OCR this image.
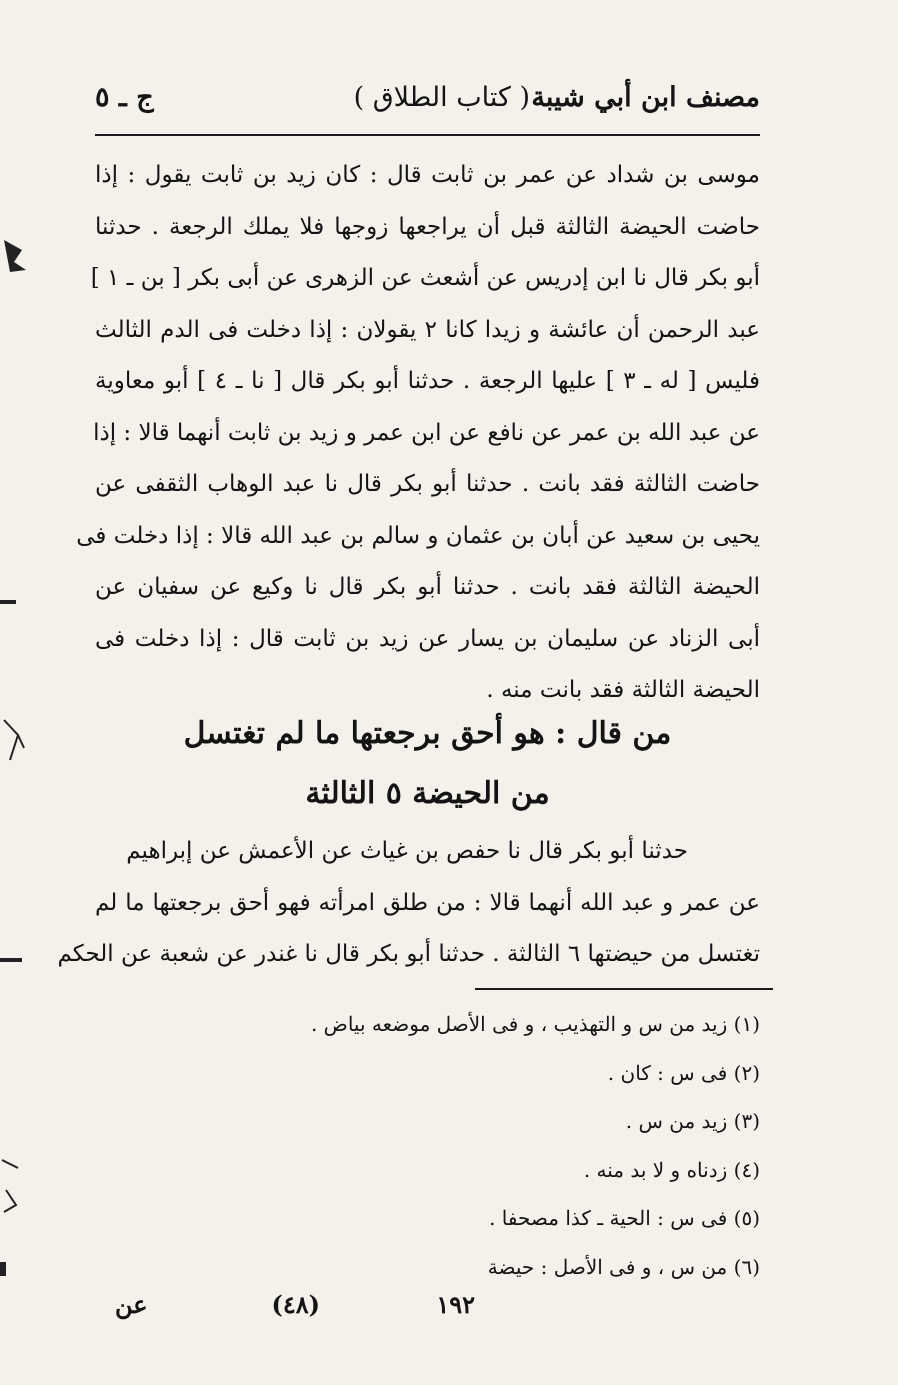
مصنف ابن أبي شيبة
( كتاب الطلاق )
ج ـ ٥
موسى بن شداد عن عمر بن ثابت قال : كان زيد بن ثابت يقول : إذا
حاضت الحيضة الثالثة قبل أن يراجعها زوجها فلا يملك الرجعة . حدثنا
أبو بكر قال نا ابن إدريس عن أشعث عن الزهرى عن أبى بكر [ بن ـ ١ ]
عبد الرحمن أن عائشة و زيدا كانا ٢ يقولان : إذا دخلت فى الدم الثالث
فليس [ له ـ ٣ ] عليها الرجعة . حدثنا أبو بكر قال [ نا ـ ٤ ] أبو معاوية
عن عبد الله بن عمر عن نافع عن ابن عمر و زيد بن ثابت أنهما قالا : إذا
حاضت الثالثة فقد بانت . حدثنا أبو بكر قال نا عبد الوهاب الثقفى عن
يحيى بن سعيد عن أبان بن عثمان و سالم بن عبد الله قالا : إذا دخلت فى
الحيضة الثالثة فقد بانت . حدثنا أبو بكر قال نا وكيع عن سفيان عن
أبى الزناد عن سليمان بن يسار عن زيد بن ثابت قال : إذا دخلت فى
الحيضة الثالثة فقد بانت منه .
من قال : هو أحق برجعتها ما لم تغتسل
من الحيضة ٥ الثالثة
حدثنا أبو بكر قال نا حفص بن غياث عن الأعمش عن إبراهيم
عن عمر و عبد الله أنهما قالا : من طلق امرأته فهو أحق برجعتها ما لم
تغتسل من حيضتها ٦ الثالثة . حدثنا أبو بكر قال نا غندر عن شعبة عن الحكم
(١) زيد من س و التهذيب ، و فى الأصل موضعه بياض .
(٢) فى س : كان .
(٣) زيد من س .
(٤) زدناه و لا بد منه .
(٥) فى س : الحية ـ كذا مصحفا .
(٦) من س ، و فى الأصل : حيضة
١٩٢
(٤٨)
عن
